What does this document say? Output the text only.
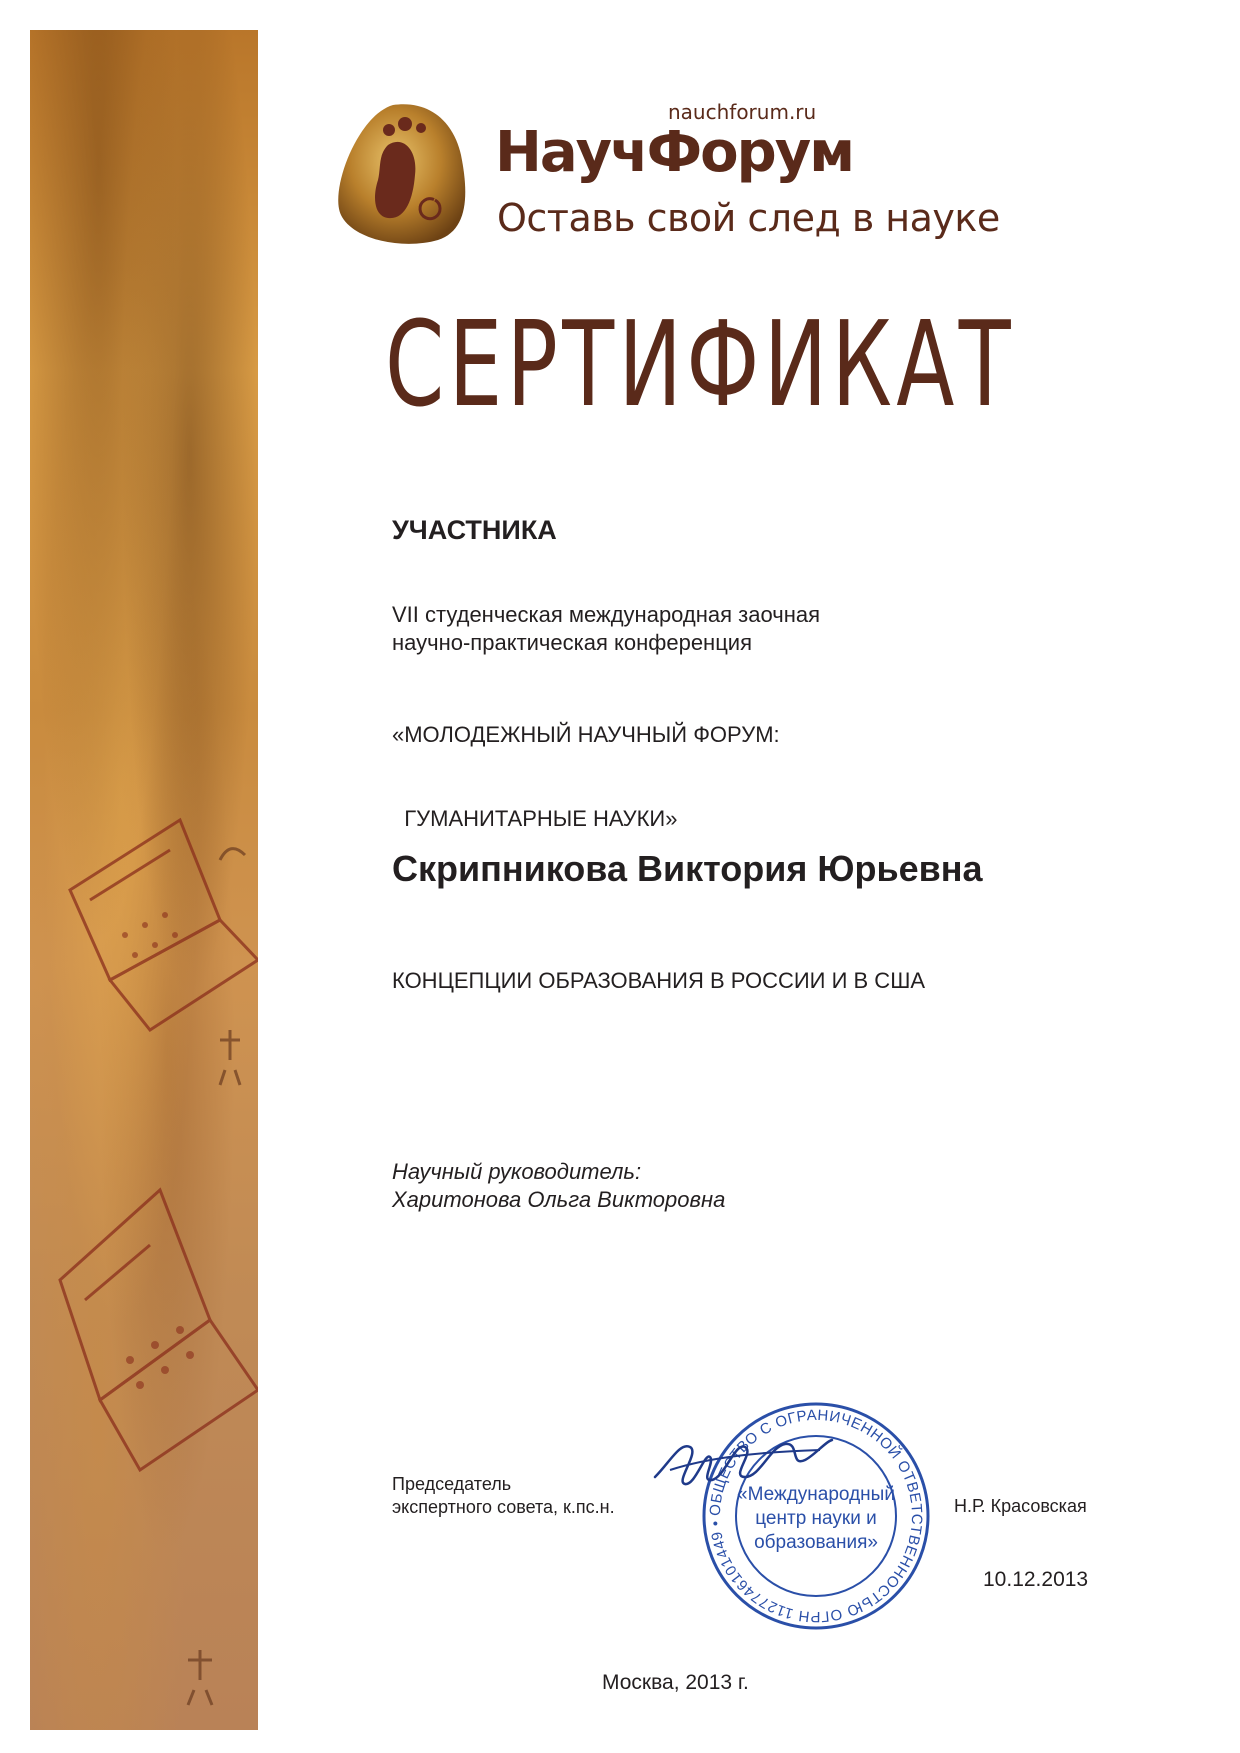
nauchforum.ru
НаучФорум
Оставь свой след в науке
СЕРТИФИКАТ
УЧАСТНИКА
VII студенческая международная заочная
научно-практическая конференция

«МОЛОДЕЖНЫЙ НАУЧНЫЙ ФОРУМ:

ГУМАНИТАРНЫЕ НАУКИ»

Скрипникова Виктория Юрьевна
КОНЦЕПЦИИ ОБРАЗОВАНИЯ В РОССИИ И В США
Научный руководитель:
Харитонова Ольга Викторовна
Председатель
экспертного совета, к.пс.н.	ОБЩЕСТВО С ОГРАНИЧЕННОЙ ОТВЕТСТВЕННОСТЬЮ ОГРН 1127746101449 •
«Международный
центр науки и
образования»
Н.Р. Красовская
10.12.2013
Москва, 2013 г.
